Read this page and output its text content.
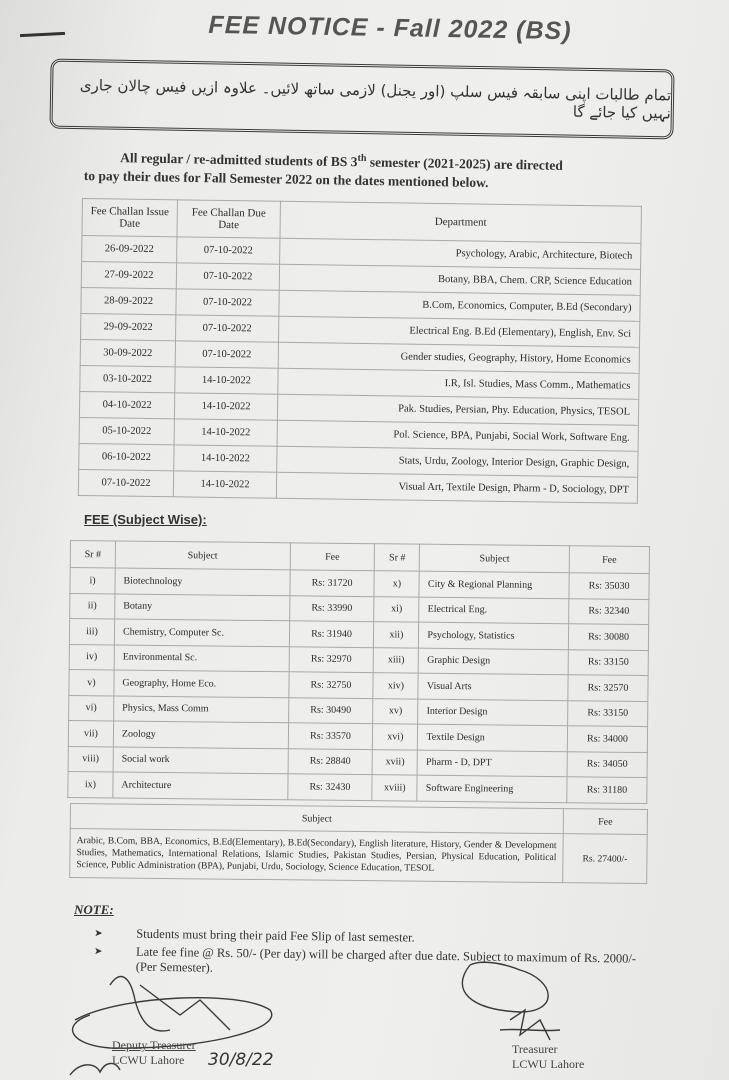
FEE NOTICE - Fall 2022 (BS)
تمام طالبات اپنی سابقہ فیس سلپ (اور یجنل) لازمی ساتھ لائیں۔ علاوہ ازیں فیس چالان جاری نہیں کیا جائے گا
All regular / re-admitted students of BS 3th semester (2021-2025) are directed
to pay their dues for Fall Semester 2022 on the dates mentioned below.
Fee Challan Issue Date	Fee Challan Due Date	Department
26-09-2022	07-10-2022	Psychology, Arabic, Architecture, Biotech
27-09-2022	07-10-2022	Botany, BBA, Chem. CRP, Science Education
28-09-2022	07-10-2022	B.Com, Economics, Computer, B.Ed (Secondary)
29-09-2022	07-10-2022	Electrical Eng. B.Ed (Elementary), English, Env. Sci
30-09-2022	07-10-2022	Gender studies, Geography, History, Home Economics
03-10-2022	14-10-2022	I.R, Isl. Studies, Mass Comm., Mathematics
04-10-2022	14-10-2022	Pak. Studies, Persian, Phy. Education, Physics, TESOL
05-10-2022	14-10-2022	Pol. Science, BPA, Punjabi, Social Work, Software Eng.
06-10-2022	14-10-2022	Stats, Urdu, Zoology, Interior Design, Graphic Design,
07-10-2022	14-10-2022	Visual Art, Textile Design, Pharm - D, Sociology, DPT
FEE (Subject Wise):
Sr #	Subject	Fee	Sr #	Subject	Fee
i)	Biotechnology	Rs: 31720	x)	City & Regional Planning	Rs: 35030
ii)	Botany	Rs: 33990	xi)	Electrical Eng.	Rs: 32340
iii)	Chemistry, Computer Sc.	Rs: 31940	xii)	Psychology, Statistics	Rs: 30080
iv)	Environmental Sc.	Rs: 32970	xiii)	Graphic Design	Rs: 33150
v)	Geography, Home Eco.	Rs: 32750	xiv)	Visual Arts	Rs: 32570
vi)	Physics, Mass Comm	Rs: 30490	xv)	Interior Design	Rs: 33150
vii)	Zoology	Rs: 33570	xvi)	Textile Design	Rs: 34000
viii)	Social work	Rs: 28840	xvii)	Pharm - D, DPT	Rs: 34050
ix)	Architecture	Rs: 32430	xviii)	Software Engineering	Rs: 31180
Subject	Fee
Arabic, B.Com, BBA, Economics, B.Ed(Elementary), B.Ed(Secondary), English literature, History, Gender & Development Studies, Mathematics, International Relations, Islamic Studies, Pakistan Studies, Persian, Physical Education, Political Science, Public Administration (BPA), Punjabi, Urdu, Sociology, Science Education, TESOL	Rs. 27400/-
NOTE:
➤	Students must bring their paid Fee Slip of last semester.
➤	Late fee fine @ Rs. 50/- (Per day) will be charged after due date. Subject to maximum of Rs. 2000/- (Per Semester).
Deputy Treasurer
LCWU Lahore	30/8/22
Treasurer
LCWU Lahore
